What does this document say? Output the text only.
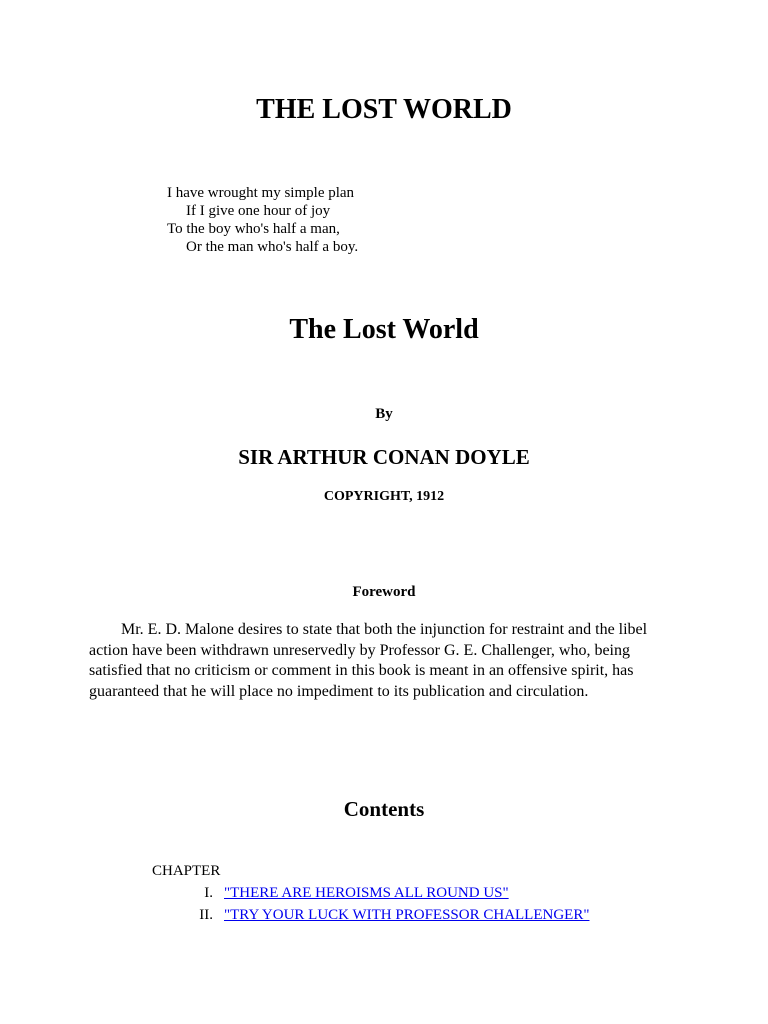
THE LOST WORLD
I have wrought my simple plan
If I give one hour of joy
To the boy who's half a man,
Or the man who's half a boy.
The Lost World
By
SIR ARTHUR CONAN DOYLE
COPYRIGHT, 1912
Foreword

Mr. E. D. Malone desires to state that both the injunction for restraint and the libel action have been withdrawn unreservedly by Professor G. E. Challenger, who, being satisfied that no criticism or comment in this book is meant in an offensive spirit, has guaranteed that he will place no impediment to its publication and circulation.

Contents
CHAPTER
I. "THERE ARE HEROISMS ALL ROUND US"
II. "TRY YOUR LUCK WITH PROFESSOR CHALLENGER"
